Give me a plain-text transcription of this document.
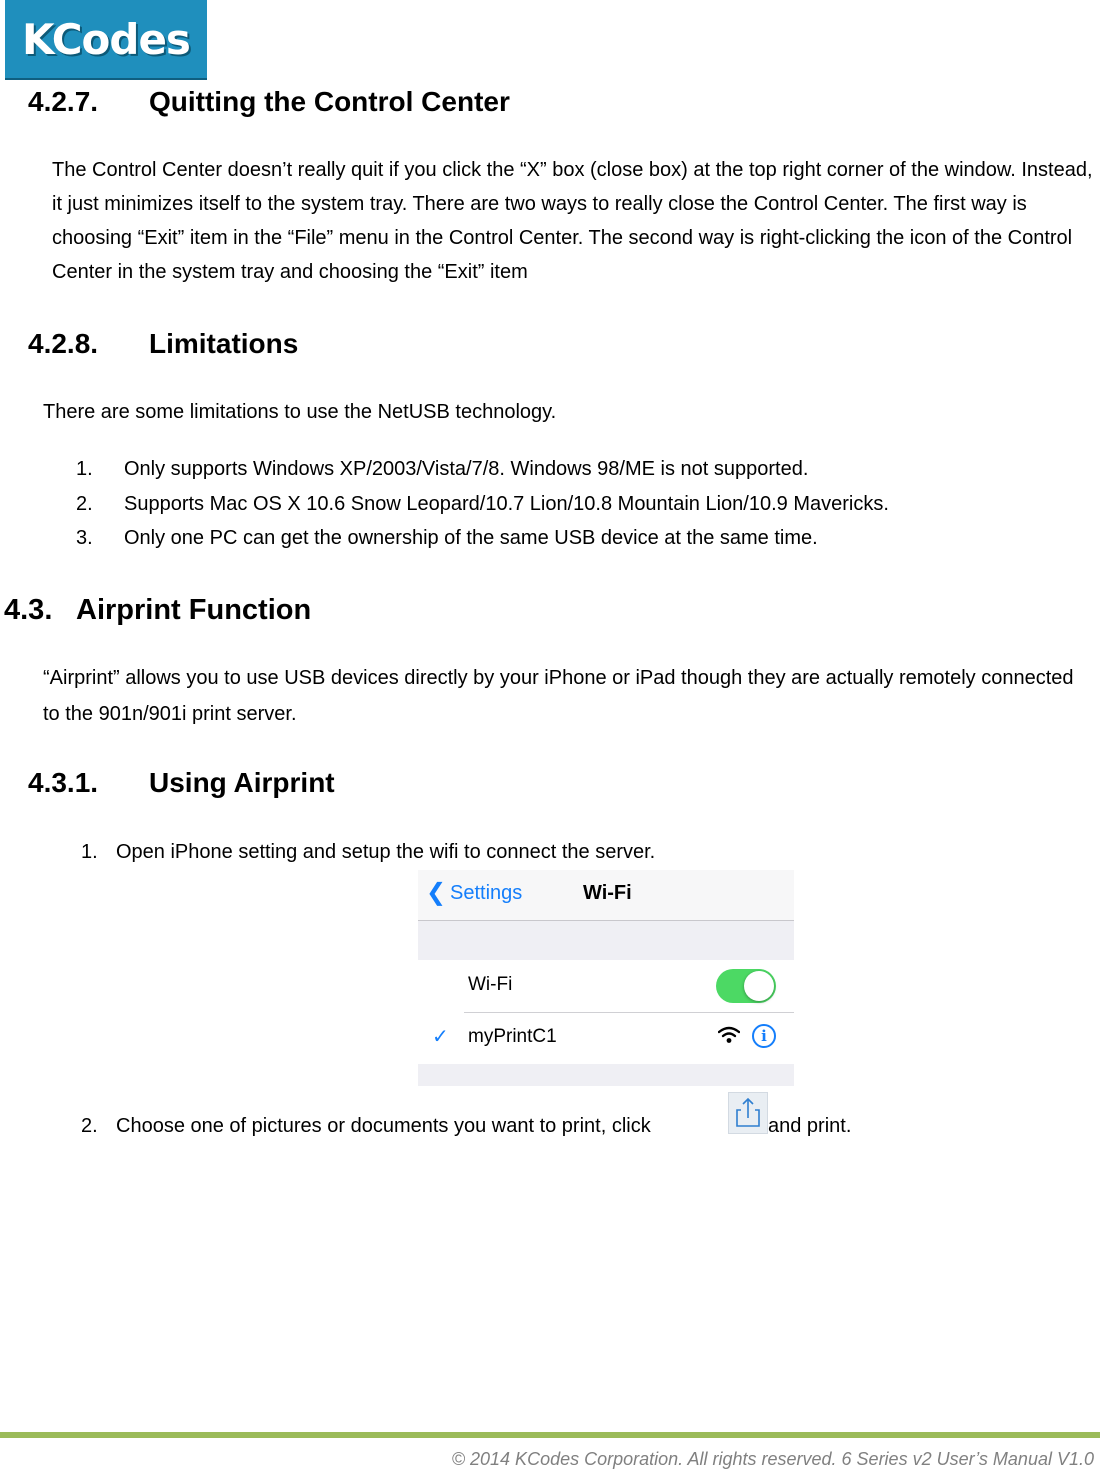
KCodes
4.2.7. Quitting the Control Center

The Control Center doesn’t really quit if you click the “X” box (close box) at the top right corner of the window. Instead, it just minimizes itself to the system tray. There are two ways to really close the Control Center. The first way is choosing “Exit” item in the “File” menu in the Control Center. The second way is right-clicking the icon of the Control Center in the system tray and choosing the “Exit” item

4.2.8. Limitations

There are some limitations to use the NetUSB technology.

1. Only supports Windows XP/2003/Vista/7/8. Windows 98/ME is not supported.
2. Supports Mac OS X 10.6 Snow Leopard/10.7 Lion/10.8 Mountain Lion/10.9 Mavericks.
3. Only one PC can get the ownership of the same USB device at the same time.
4.3. Airprint Function

“Airprint” allows you to use USB devices directly by your iPhone or iPad though they are actually remotely connected to the 901n/901i print server.

4.3.1. Using Airprint
1. Open iPhone setting and setup the wifi to connect the server.
❮ Settings	Wi-Fi
Wi-Fi
✓ myPrintC1	i
2. Choose one of pictures or documents you want to print, click	and print.
© 2014 KCodes Corporation. All rights reserved. 6 Series v2 User’s Manual V1.0
